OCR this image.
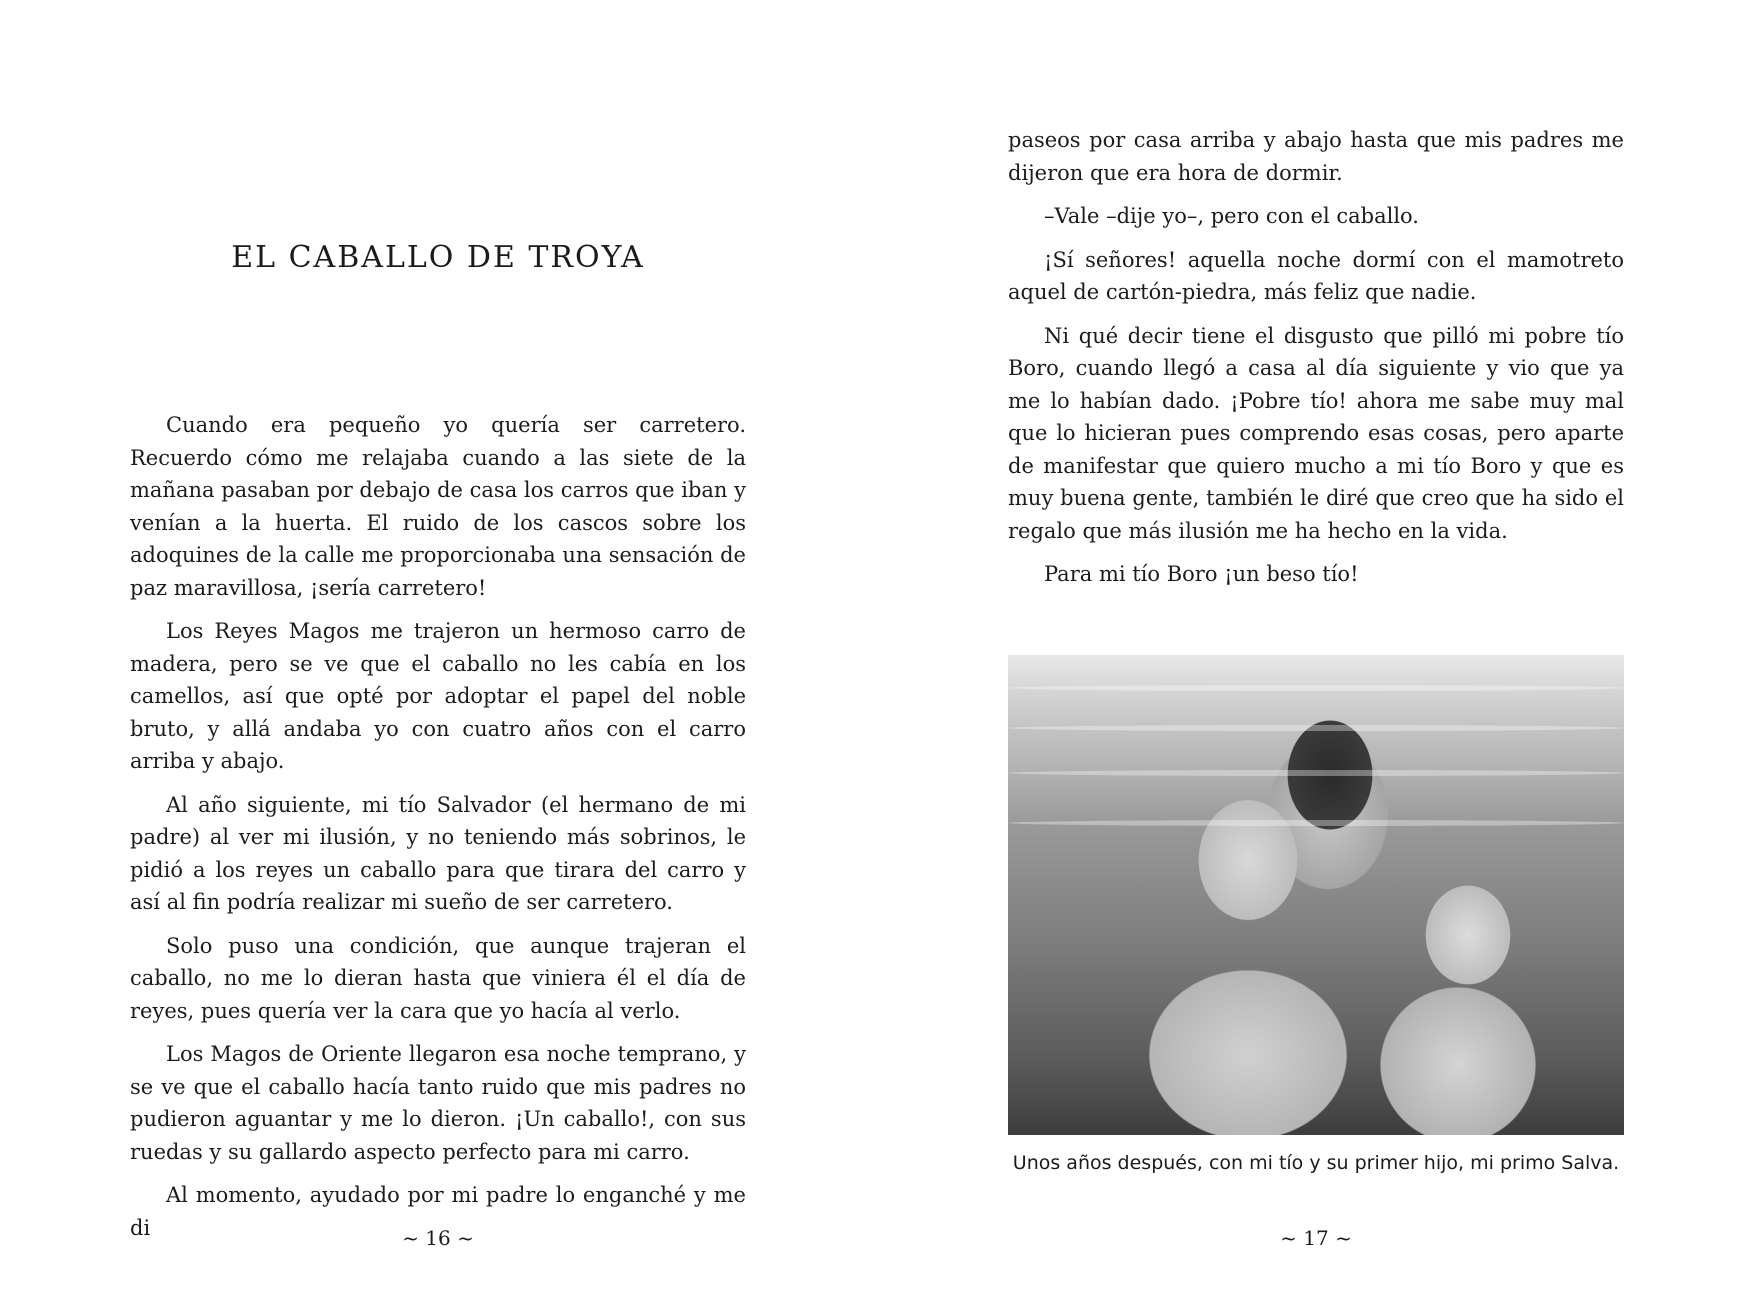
EL CABALLO DE TROYA

Cuando era pequeño yo quería ser carretero. Recuerdo cómo me relajaba cuando a las siete de la mañana pasaban por debajo de casa los carros que iban y venían a la huerta. El ruido de los cascos sobre los adoquines de la calle me proporcionaba una sensación de paz maravillosa, ¡sería carretero!

Los Reyes Magos me trajeron un hermoso carro de madera, pero se ve que el caballo no les cabía en los camellos, así que opté por adoptar el papel del noble bruto, y allá andaba yo con cuatro años con el carro arriba y abajo.

Al año siguiente, mi tío Salvador (el hermano de mi padre) al ver mi ilusión, y no teniendo más sobrinos, le pidió a los reyes un caballo para que tirara del carro y así al fin podría realizar mi sueño de ser carretero.

Solo puso una condición, que aunque trajeran el caballo, no me lo dieran hasta que viniera él el día de reyes, pues quería ver la cara que yo hacía al verlo.

Los Magos de Oriente llegaron esa noche temprano, y se ve que el caballo hacía tanto ruido que mis padres no pudieron aguantar y me lo dieron. ¡Un caballo!, con sus ruedas y su gallardo aspecto perfecto para mi carro.

Al momento, ayudado por mi padre lo enganché y me di	~ 16 ~

paseos por casa arriba y abajo hasta que mis padres me dijeron que era hora de dormir.

–Vale –dije yo–, pero con el caballo.

¡Sí señores! aquella noche dormí con el mamotreto aquel de cartón-piedra, más feliz que nadie.

Ni qué decir tiene el disgusto que pilló mi pobre tío Boro, cuando llegó a casa al día siguiente y vio que ya me lo habían dado. ¡Pobre tío! ahora me sabe muy mal que lo hicieran pues comprendo esas cosas, pero aparte de manifestar que quiero mucho a mi tío Boro y que es muy buena gente, también le diré que creo que ha sido el regalo que más ilusión me ha hecho en la vida.

Para mi tío Boro ¡un beso tío!

Unos años después, con mi tío y su primer hijo, mi primo Salva.
~ 17 ~
